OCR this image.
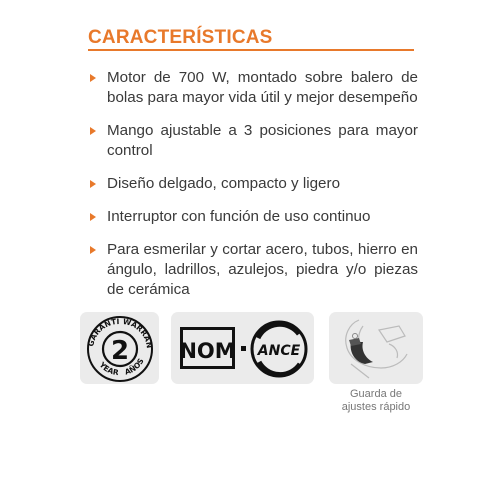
CARACTERÍSTICAS
Motor de 700 W, montado sobre balero de bolas para mayor vida útil y mejor desempeño
Mango ajustable a 3 posiciones para mayor control
Diseño delgado, compacto y ligero
Interruptor con función de uso continuo
Para esmerilar y cortar acero, tubos, hierro en ángulo, ladrillos, azulejos, piedra y/o piezas de cerámica
GARANTÍ WARRAN
YEAR AÑOS
2 NOM ANCE
Guarda de
ajustes rápido
